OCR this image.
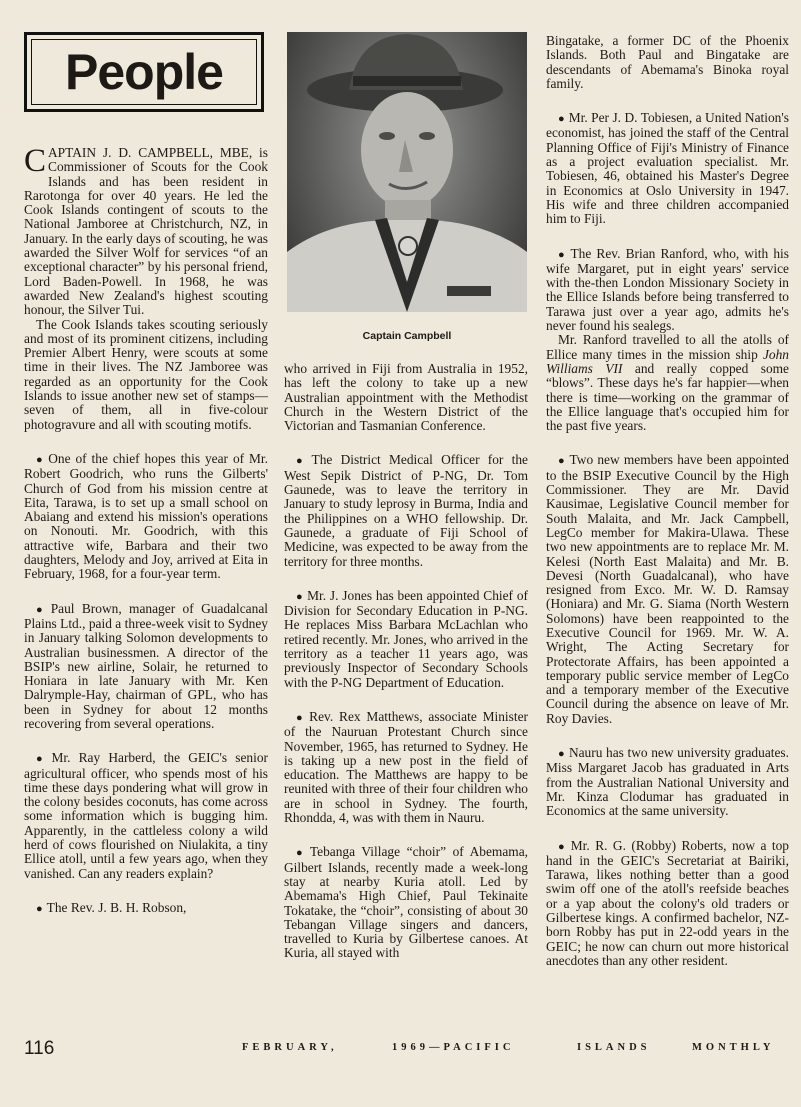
People
Captain Campbell

CAPTAIN J. D. CAMPBELL, MBE, is Commissioner of Scouts for the Cook Islands and has been resident in Rarotonga for over 40 years. He led the Cook Islands contingent of scouts to the National Jamboree at Christchurch, NZ, in January. In the early days of scouting, he was awarded the Silver Wolf for services “of an exceptional character” by his personal friend, Lord Baden-Powell. In 1968, he was awarded New Zealand's highest scouting honour, the Silver Tui.

The Cook Islands takes scouting seriously and most of its prominent citizens, including Premier Albert Henry, were scouts at some time in their lives. The NZ Jamboree was regarded as an opportunity for the Cook Islands to issue another new set of stamps—seven of them, all in five-colour photogravure and all with scouting motifs.

● One of the chief hopes this year of Mr. Robert Goodrich, who runs the Gilberts' Church of God from his mission centre at Eita, Tarawa, is to set up a small school on Abaiang and extend his mission's operations on Nonouti. Mr. Goodrich, with this attractive wife, Barbara and their two daughters, Melody and Joy, arrived at Eita in February, 1968, for a four-year term.

● Paul Brown, manager of Guadalcanal Plains Ltd., paid a three-week visit to Sydney in January talking Solomon developments to Australian businessmen. A director of the BSIP's new airline, Solair, he returned to Honiara in late January with Mr. Ken Dalrymple-Hay, chairman of GPL, who has been in Sydney for about 12 months recovering from several operations.

● Mr. Ray Harberd, the GEIC's senior agricultural officer, who spends most of his time these days pondering what will grow in the colony besides coconuts, has come across some information which is bugging him. Apparently, in the cattleless colony a wild herd of cows flourished on Niulakita, a tiny Ellice atoll, until a few years ago, when they vanished. Can any readers explain?

● The Rev. J. B. H. Robson,

who arrived in Fiji from Australia in 1952, has left the colony to take up a new Australian appointment with the Methodist Church in the Western District of the Victorian and Tasmanian Conference.

● The District Medical Officer for the West Sepik District of P-NG, Dr. Tom Gaunede, was to leave the territory in January to study leprosy in Burma, India and the Philippines on a WHO fellowship. Dr. Gaunede, a graduate of Fiji School of Medicine, was expected to be away from the territory for three months.

● Mr. J. Jones has been appointed Chief of Division for Secondary Education in P-NG. He replaces Miss Barbara McLachlan who retired recently. Mr. Jones, who arrived in the territory as a teacher 11 years ago, was previously Inspector of Secondary Schools with the P-NG Department of Education.

● Rev. Rex Matthews, associate Minister of the Nauruan Protestant Church since November, 1965, has returned to Sydney. He is taking up a new post in the field of education. The Matthews are happy to be reunited with three of their four children who are in school in Sydney. The fourth, Rhondda, 4, was with them in Nauru.

● Tebanga Village “choir” of Abemama, Gilbert Islands, recently made a week-long stay at nearby Kuria atoll. Led by Abemama's High Chief, Paul Tekinaite Tokatake, the “choir”, consisting of about 30 Tebangan Village singers and dancers, travelled to Kuria by Gilbertese canoes. At Kuria, all stayed with

Bingatake, a former DC of the Phoenix Islands. Both Paul and Bingatake are descendants of Abemama's Binoka royal family.

● Mr. Per J. D. Tobiesen, a United Nation's economist, has joined the staff of the Central Planning Office of Fiji's Ministry of Finance as a project evaluation specialist. Mr. Tobiesen, 46, obtained his Master's Degree in Economics at Oslo University in 1947. His wife and three children accompanied him to Fiji.

● The Rev. Brian Ranford, who, with his wife Margaret, put in eight years' service with the-then London Missionary Society in the Ellice Islands before being transferred to Tarawa just over a year ago, admits he's never found his sealegs.

Mr. Ranford travelled to all the atolls of Ellice many times in the mission ship John Williams VII and really copped some “blows”. These days he's far happier—when there is time—working on the grammar of the Ellice language that's occupied him for the past five years.

● Two new members have been appointed to the BSIP Executive Council by the High Commissioner. They are Mr. David Kausimae, Legislative Council member for South Malaita, and Mr. Jack Campbell, LegCo member for Makira-Ulawa. These two new appointments are to replace Mr. M. Kelesi (North East Malaita) and Mr. B. Devesi (North Guadalcanal), who have resigned from Exco. Mr. W. D. Ramsay (Honiara) and Mr. G. Siama (North Western Solomons) have been reappointed to the Executive Council for 1969. Mr. W. A. Wright, The Acting Secretary for Protectorate Affairs, has been appointed a temporary public service member of LegCo and a temporary member of the Executive Council during the absence on leave of Mr. Roy Davies.

● Nauru has two new university graduates. Miss Margaret Jacob has graduated in Arts from the Australian National University and Mr. Kinza Clodumar has graduated in Economics at the same university.

● Mr. R. G. (Robby) Roberts, now a top hand in the GEIC's Secretariat at Bairiki, Tarawa, likes nothing better than a good swim off one of the atoll's reefside beaches or a yap about the colony's old traders or Gilbertese kings. A confirmed bachelor, NZ-born Robby has put in 22-odd years in the GEIC; he now can churn out more historical anecdotes than any other resident.

116	FEBRUARY,	1969—PACIFIC	ISLANDS	MONTHLY
